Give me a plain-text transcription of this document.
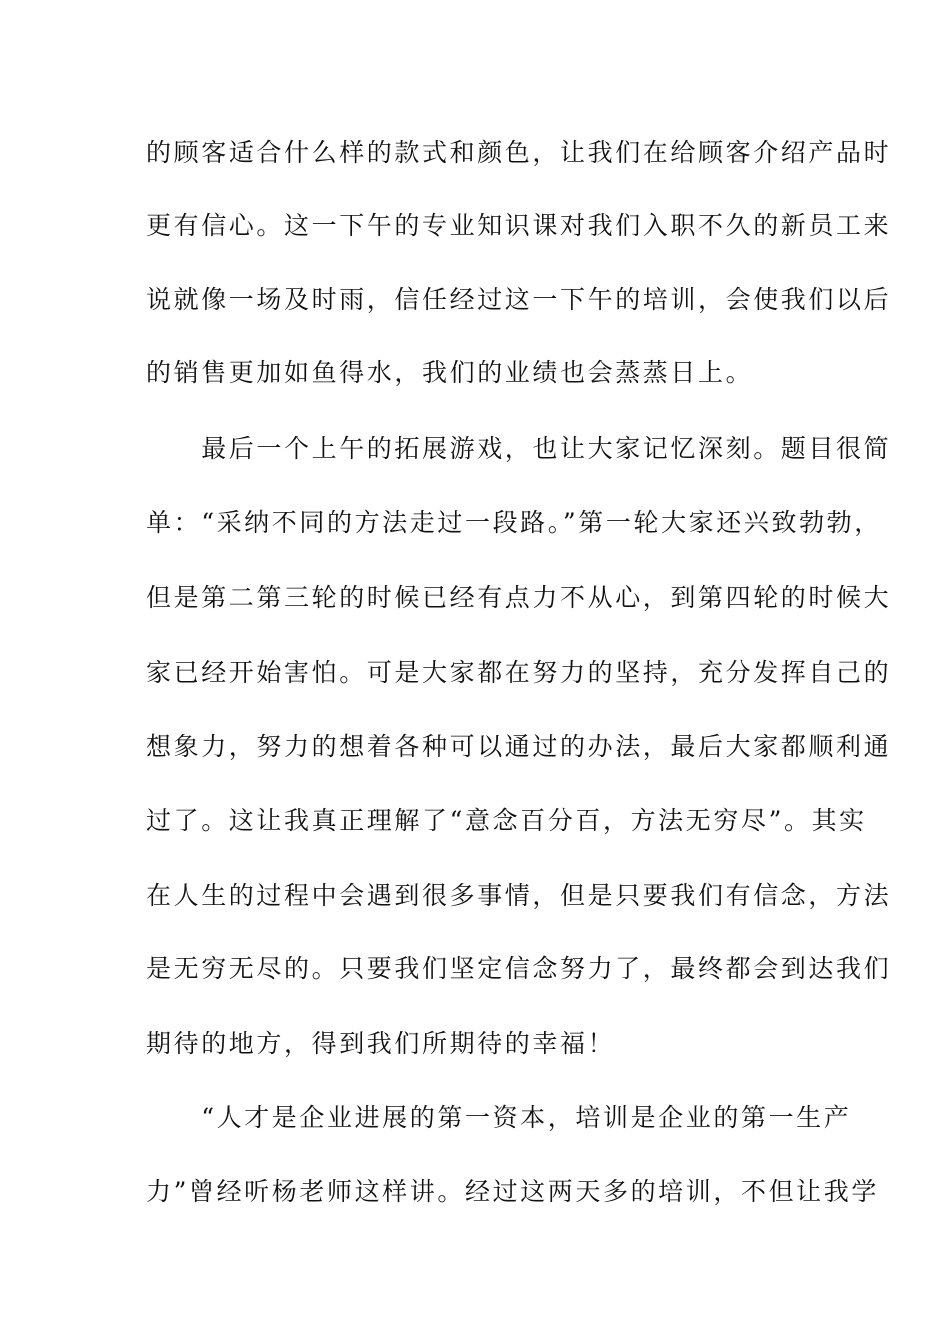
的顾客适合什么样的款式和颜色，让我们在给顾客介绍产品时
更有信心。这一下午的专业知识课对我们入职不久的新员工来
说就像一场及时雨，信任经过这一下午的培训，会使我们以后
的销售更加如鱼得水，我们的业绩也会蒸蒸日上。
　　最后一个上午的拓展游戏，也让大家记忆深刻。题目很简
单：“采纳不同的方法走过一段路。”第一轮大家还兴致勃勃，
但是第二第三轮的时候已经有点力不从心，到第四轮的时候大
家已经开始害怕。可是大家都在努力的坚持，充分发挥自己的
想象力，努力的想着各种可以通过的办法，最后大家都顺利通
过了。这让我真正理解了“意念百分百，方法无穷尽”。其实
在人生的过程中会遇到很多事情，但是只要我们有信念，方法
是无穷无尽的。只要我们坚定信念努力了，最终都会到达我们
期待的地方，得到我们所期待的幸福！
　　“人才是企业进展的第一资本，培训是企业的第一生产
力”曾经听杨老师这样讲。经过这两天多的培训，不但让我学
